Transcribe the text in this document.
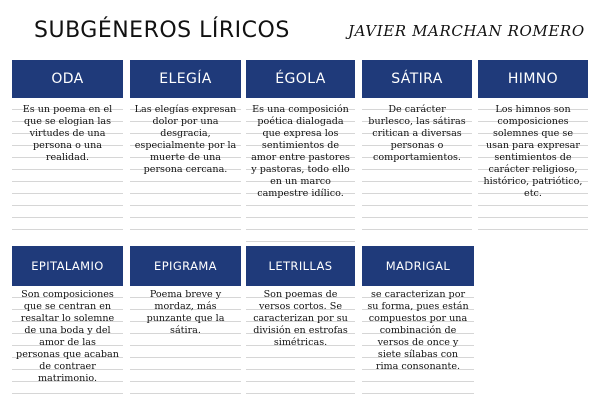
SUBGÉNEROS LÍRICOS	JAVIER MARCHAN ROMERO
ODA
Es un poema en el que se elogian las virtudes de una persona o una realidad.
ELEGÍA
Las elegías expresan dolor por una desgracia, especialmente por la muerte de una persona cercana.
ÉGOLA
Es una composición poética dialogada que expresa los sentimientos de amor entre pastores y pastoras, todo ello en un marco campestre idílico.
SÁTIRA
De carácter burlesco, las sátiras critican a diversas personas o comportamientos.
HIMNO
Los himnos son composiciones solemnes que se usan para expresar sentimientos de carácter religioso, histórico, patriótico, etc.
EPITALAMIO
Son composiciones que se centran en resaltar lo solemne de una boda y del amor de las personas que acaban de contraer matrimonio.
EPIGRAMA
Poema breve y mordaz, más punzante que la sátira.
LETRILLAS
Son poemas de versos cortos. Se caracterizan por su división en estrofas simétricas.
MADRIGAL
se caracterizan por su forma, pues están compuestos por una combinación de versos de once y siete sílabas con rima consonante.
